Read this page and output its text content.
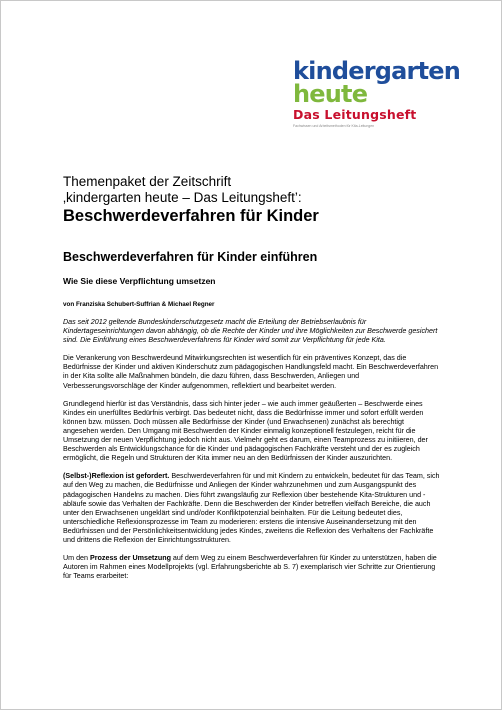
kindergarten
heute
Das Leitungsheft
Fachwissen und Arbeitsmethoden für Kita-Leitungen
Themenpaket der Zeitschrift
‚kindergarten heute – Das Leitungsheft’:
Beschwerdeverfahren für Kinder
Beschwerdeverfahren für Kinder einführen
Wie Sie diese Verpflichtung umsetzen
von Franziska Schubert-Suffrian & Michael Regner

Das seit 2012 geltende Bundeskinderschutzgesetz macht die Erteilung der Betriebserlaubnis für Kindertageseinrichtungen davon abhängig, ob die Rechte der Kinder und ihre Möglichkeiten zur Beschwerde gesichert sind. Die Einführung eines Beschwerdeverfahrens für Kinder wird somit zur Verpflichtung für jede Kita.

Die Verankerung von Beschwerdeund Mitwirkungsrechten ist wesentlich für ein präventives Konzept, das die Bedürfnisse der Kinder und aktiven Kinderschutz zum pädagogischen Handlungsfeld macht. Ein Beschwerdeverfahren in der Kita sollte alle Maßnahmen bündeln, die dazu führen, dass Beschwerden, Anliegen und Verbesserungsvorschläge der Kinder aufgenommen, reflektiert und bearbeitet werden.

Grundlegend hierfür ist das Verständnis, dass sich hinter jeder – wie auch immer geäußerten – Beschwerde eines Kindes ein unerfülltes Bedürfnis verbirgt. Das bedeutet nicht, dass die Bedürfnisse immer und sofort erfüllt werden können bzw. müssen. Doch müssen alle Bedürfnisse der Kinder (und Erwachsenen) zunächst als berechtigt angesehen werden. Den Umgang mit Beschwerden der Kinder einmalig konzeptionell festzulegen, reicht für die Umsetzung der neuen Verpflichtung jedoch nicht aus. Vielmehr geht es darum, einen Teamprozess zu initiieren, der Beschwerden als Entwicklungschance für die Kinder und pädagogischen Fachkräfte versteht und der es zugleich ermöglicht, die Regeln und Strukturen der Kita immer neu an den Bedürfnissen der Kinder auszurichten.

(Selbst-)Reflexion ist gefordert. Beschwerdeverfahren für und mit Kindern zu entwickeln, bedeutet für das Team, sich auf den Weg zu machen, die Bedürfnisse und Anliegen der Kinder wahrzunehmen und zum Ausgangspunkt des pädagogischen Handelns zu machen. Dies führt zwangsläufig zur Reflexion über bestehende Kita-Strukturen und -abläufe sowie das Verhalten der Fachkräfte. Denn die Beschwerden der Kinder betreffen vielfach Bereiche, die auch unter den Erwachsenen ungeklärt sind und/oder Konfliktpotenzial beinhalten. Für die Leitung bedeutet dies, unterschiedliche Reflexionsprozesse im Team zu moderieren: erstens die intensive Auseinandersetzung mit den Bedürfnissen und der Persönlichkeitsentwicklung jedes Kindes, zweitens die Reflexion des Verhaltens der Fachkräfte und drittens die Reflexion der Einrichtungsstrukturen.

Um den Prozess der Umsetzung auf dem Weg zu einem Beschwerdeverfahren für Kinder zu unterstützen, haben die Autoren im Rahmen eines Modellprojekts (vgl. Erfahrungsberichte ab S. 7) exemplarisch vier Schritte zur Orientierung für Teams erarbeitet:
